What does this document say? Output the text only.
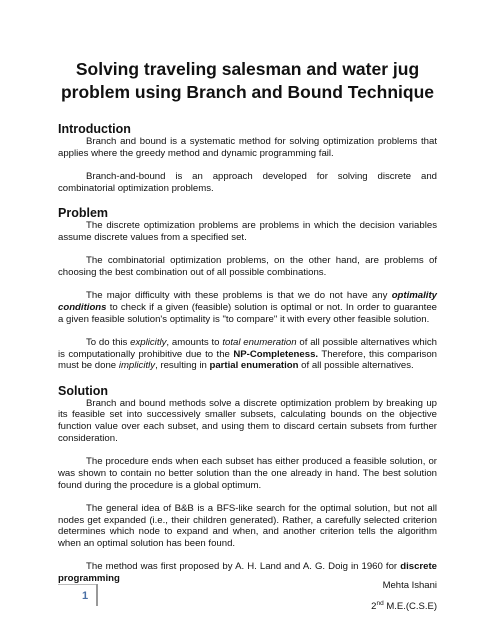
Solving traveling salesman and water jug
problem using Branch and Bound Technique
Introduction

Branch and bound is a systematic method for solving optimization problems that applies where the greedy method and dynamic programming fail.

Branch-and-bound is an approach developed for solving discrete and combinatorial optimization problems.

Problem

The discrete optimization problems are problems in which the decision variables assume discrete values from a specified set.

The combinatorial optimization problems, on the other hand, are problems of choosing the best combination out of all possible combinations.

The major difficulty with these problems is that we do not have any optimality conditions to check if a given (feasible) solution is optimal or not. In order to guarantee a given feasible solution's optimality is "to compare" it with every other feasible solution.

To do this explicitly, amounts to total enumeration of all possible alternatives which is computationally prohibitive due to the NP-Completeness. Therefore, this comparison must be done implicitly, resulting in partial enumeration of all possible alternatives.

Solution

Branch and bound methods solve a discrete optimization problem by breaking up its feasible set into successively smaller subsets, calculating bounds on the objective function value over each subset, and using them to discard certain subsets from further consideration.

The procedure ends when each subset has either produced a feasible solution, or was shown to contain no better solution than the one already in hand. The best solution found during the procedure is a global optimum.

The general idea of B&B is a BFS-like search for the optimal solution, but not all nodes get expanded (i.e., their children generated). Rather, a carefully selected criterion determines which node to expand and when, and another criterion tells the algorithm when an optimal solution has been found.

The method was first proposed by A. H. Land and A. G. Doig in 1960 for discrete programming

1
Mehta Ishani
2nd M.E.(C.S.E)
